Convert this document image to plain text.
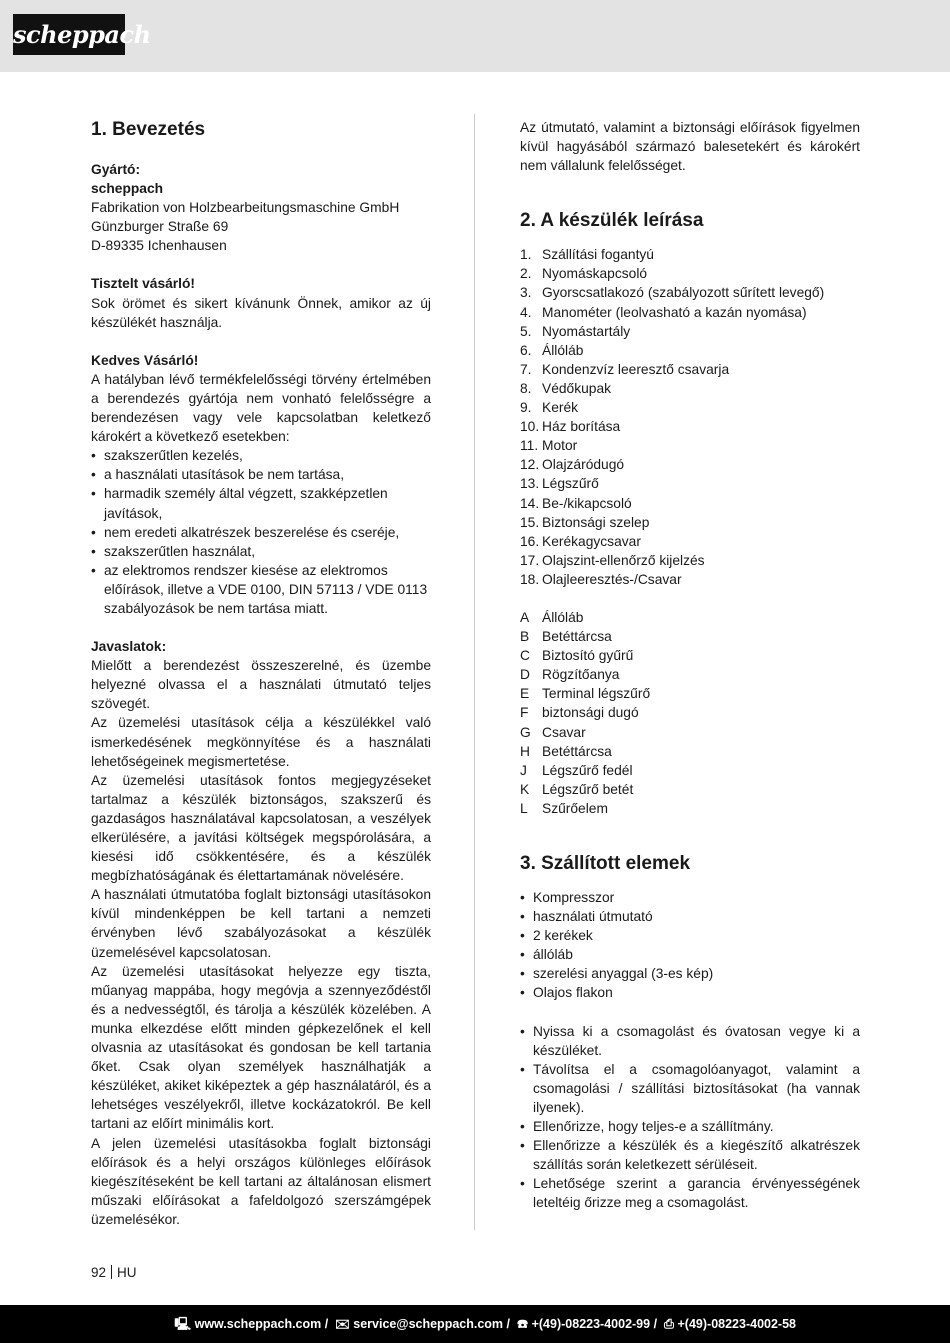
scheppach
1. Bevezetés

Gyártó:

scheppach

Fabrikation von Holzbearbeitungsmaschine GmbH

Günzburger Straße 69

D-89335 Ichenhausen

Tisztelt vásárló!

Sok örömet és sikert kívánunk Önnek, amikor az új készülékét használja.

Kedves Vásárló!

A hatályban lévő termékfelelősségi törvény értelmében a berendezés gyártója nem vonható felelősségre a berendezésen vagy vele kapcsolatban keletkező károkért a következő esetekben:

• szakszerűtlen kezelés,
• a használati utasítások be nem tartása,
• harmadik személy által végzett, szakképzetlen javítások,
• nem eredeti alkatrészek beszerelése és cseréje,
• szakszerűtlen használat,
• az elektromos rendszer kiesése az elektromos előírások, illetve a VDE 0100, DIN 57113 / VDE 0113 szabályozások be nem tartása miatt.

Javaslatok:

Mielőtt a berendezést összeszerelné, és üzembe helyezné olvassa el a használati útmutató teljes szövegét.

Az üzemelési utasítások célja a készülékkel való ismerkedésének megkönnyítése és a használati lehetőségeinek megismertetése.

Az üzemelési utasítások fontos megjegyzéseket tartalmaz a készülék biztonságos, szakszerű és gazdaságos használatával kapcsolatosan, a veszélyek elkerülésére, a javítási költségek megspórolására, a kiesési idő csökkentésére, és a készülék megbízhatóságának és élettartamának növelésére.

A használati útmutatóba foglalt biztonsági utasításokon kívül mindenképpen be kell tartani a nemzeti érvényben lévő szabályozásokat a készülék üzemelésével kapcsolatosan.

Az üzemelési utasításokat helyezze egy tiszta, műanyag mappába, hogy megóvja a szennyeződéstől és a nedvességtől, és tárolja a készülék közelében. A munka elkezdése előtt minden gépkezelőnek el kell olvasnia az utasításokat és gondosan be kell tartania őket. Csak olyan személyek használhatják a készüléket, akiket kiképeztek a gép használatáról, és a lehetséges veszélyekről, illetve kockázatokról. Be kell tartani az előírt minimális kort.

A jelen üzemelési utasításokba foglalt biztonsági előírások és a helyi országos különleges előírások kiegészítéseként be kell tartani az általánosan elismert műszaki előírásokat a fafeldolgozó szerszámgépek üzemelésékor.

Az útmutató, valamint a biztonsági előírások figyelmen kívül hagyásából származó balesetekért és károkért nem vállalunk felelősséget.

2. A készülék leírása
1. Szállítási fogantyú
2. Nyomáskapcsoló
3. Gyorscsatlakozó (szabályozott sűrített levegő)
4. Manométer (leolvasható a kazán nyomása)
5. Nyomástartály
6. Állóláb
7. Kondenzvíz leeresztő csavarja
8. Védőkupak
9. Kerék
10. Ház borítása
11. Motor
12. Olajzáródugó
13. Légszűrő
14. Be-/kikapcsoló
15. Biztonsági szelep
16. Kerékagycsavar
17. Olajszint-ellenőrző kijelzés
18. Olajleeresztés-/Csavar
A Állóláb
B Betéttárcsa
C Biztosító gyűrű
D Rögzítőanya
E Terminal légszűrő
F biztonsági dugó
G Csavar
H Betéttárcsa
J	Légszűrő fedél
K Légszűrő betét
L	Szűrőelem
3. Szállított elemek
• Kompresszor
• használati útmutató
• 2 kerékek
• állóláb
• szerelési anyaggal (3-es kép)
• Olajos flakon
• Nyissa ki a csomagolást és óvatosan vegye ki a készüléket.
• Távolítsa el a csomagolóanyagot, valamint a csomagolási / szállítási biztosításokat (ha vannak ilyenek).
• Ellenőrizze, hogy teljes-e a szállítmány.
• Ellenőrizze a készülék és a kiegészítő alkatrészek szállítás során keletkezett sérüléseit.
• Lehetősége szerint a garancia érvényességének leteltéig őrizze meg a csomagolást.
92 HU
🖳 www.scheppach.com /  ✉ service@scheppach.com /  ☎ +(49)-08223-4002-99 /  ⎙ +(49)-08223-4002-58
